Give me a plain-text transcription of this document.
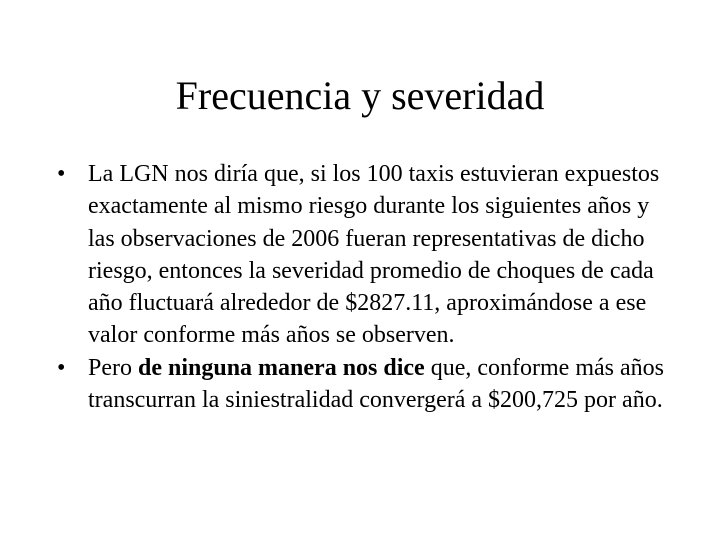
Frecuencia y severidad
• La LGN nos diría que, si los 100 taxis estuvieran expuestos exactamente al mismo riesgo durante los siguientes años y las observaciones de 2006 fueran representativas de dicho riesgo, entonces la severidad promedio de choques de cada año fluctuará alrededor de $2827.11, aproximándose a ese valor conforme más años se observen.
• Pero de ninguna manera nos dice que, conforme más años transcurran la siniestralidad convergerá a $200,725 por año.
